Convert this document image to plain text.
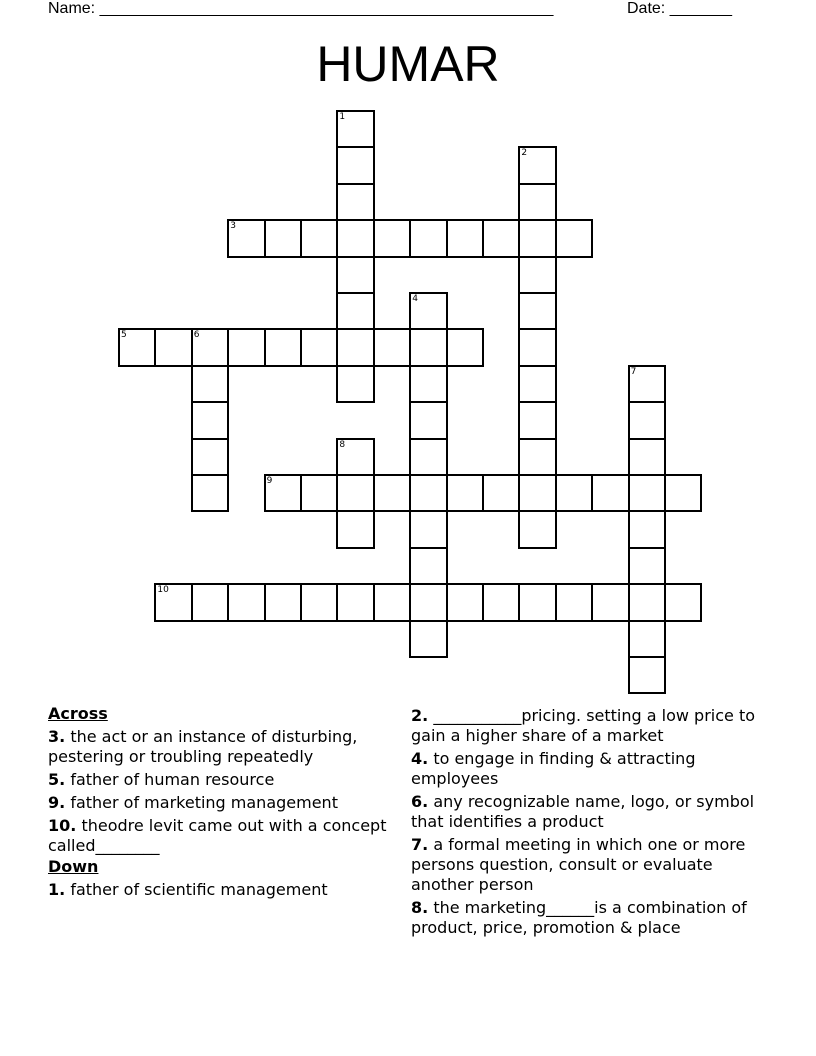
Name: ___________________________________________________	Date: _______
HUMAR
1
2
3
4
5	6
7
8
9
10
Across
3. the act or an instance of disturbing, pestering or troubling repeatedly
5. father of human resource
9. father of marketing management
10. theodre levit came out with a concept called________
Down
1. father of scientific management
2. ___________pricing. setting a low price to gain a higher share of a market
4. to engage in finding & attracting employees
6. any recognizable name, logo, or symbol that identifies a product
7. a formal meeting in which one or more persons question, consult or evaluate another person
8. the marketing______is a combination of product, price, promotion & place
